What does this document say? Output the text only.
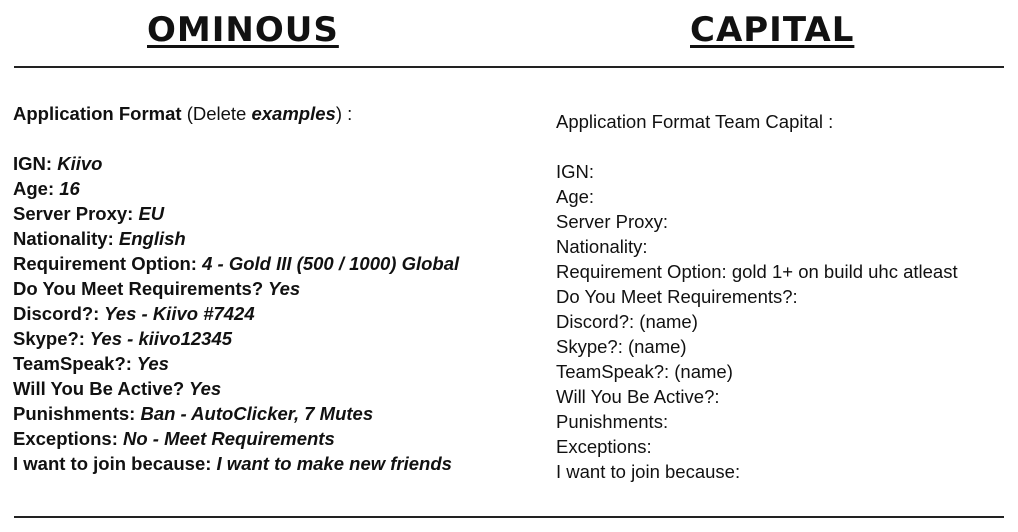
OMINOUS	CAPITAL
Application Format (Delete examples) :
IGN: Kiivo
Age: 16
Server Proxy: EU
Nationality: English
Requirement Option: 4 - Gold III (500 / 1000) Global
Do You Meet Requirements? Yes
Discord?: Yes - Kiivo #7424
Skype?: Yes - kiivo12345
TeamSpeak?: Yes
Will You Be Active? Yes
Punishments: Ban - AutoClicker, 7 Mutes
Exceptions: No - Meet Requirements
I want to join because: I want to make new friends
Application Format Team Capital :
IGN:
Age:
Server Proxy:
Nationality:
Requirement Option: gold 1+ on build uhc atleast
Do You Meet Requirements?:
Discord?: (name)
Skype?: (name)
TeamSpeak?: (name)
Will You Be Active?:
Punishments:
Exceptions:
I want to join because:
